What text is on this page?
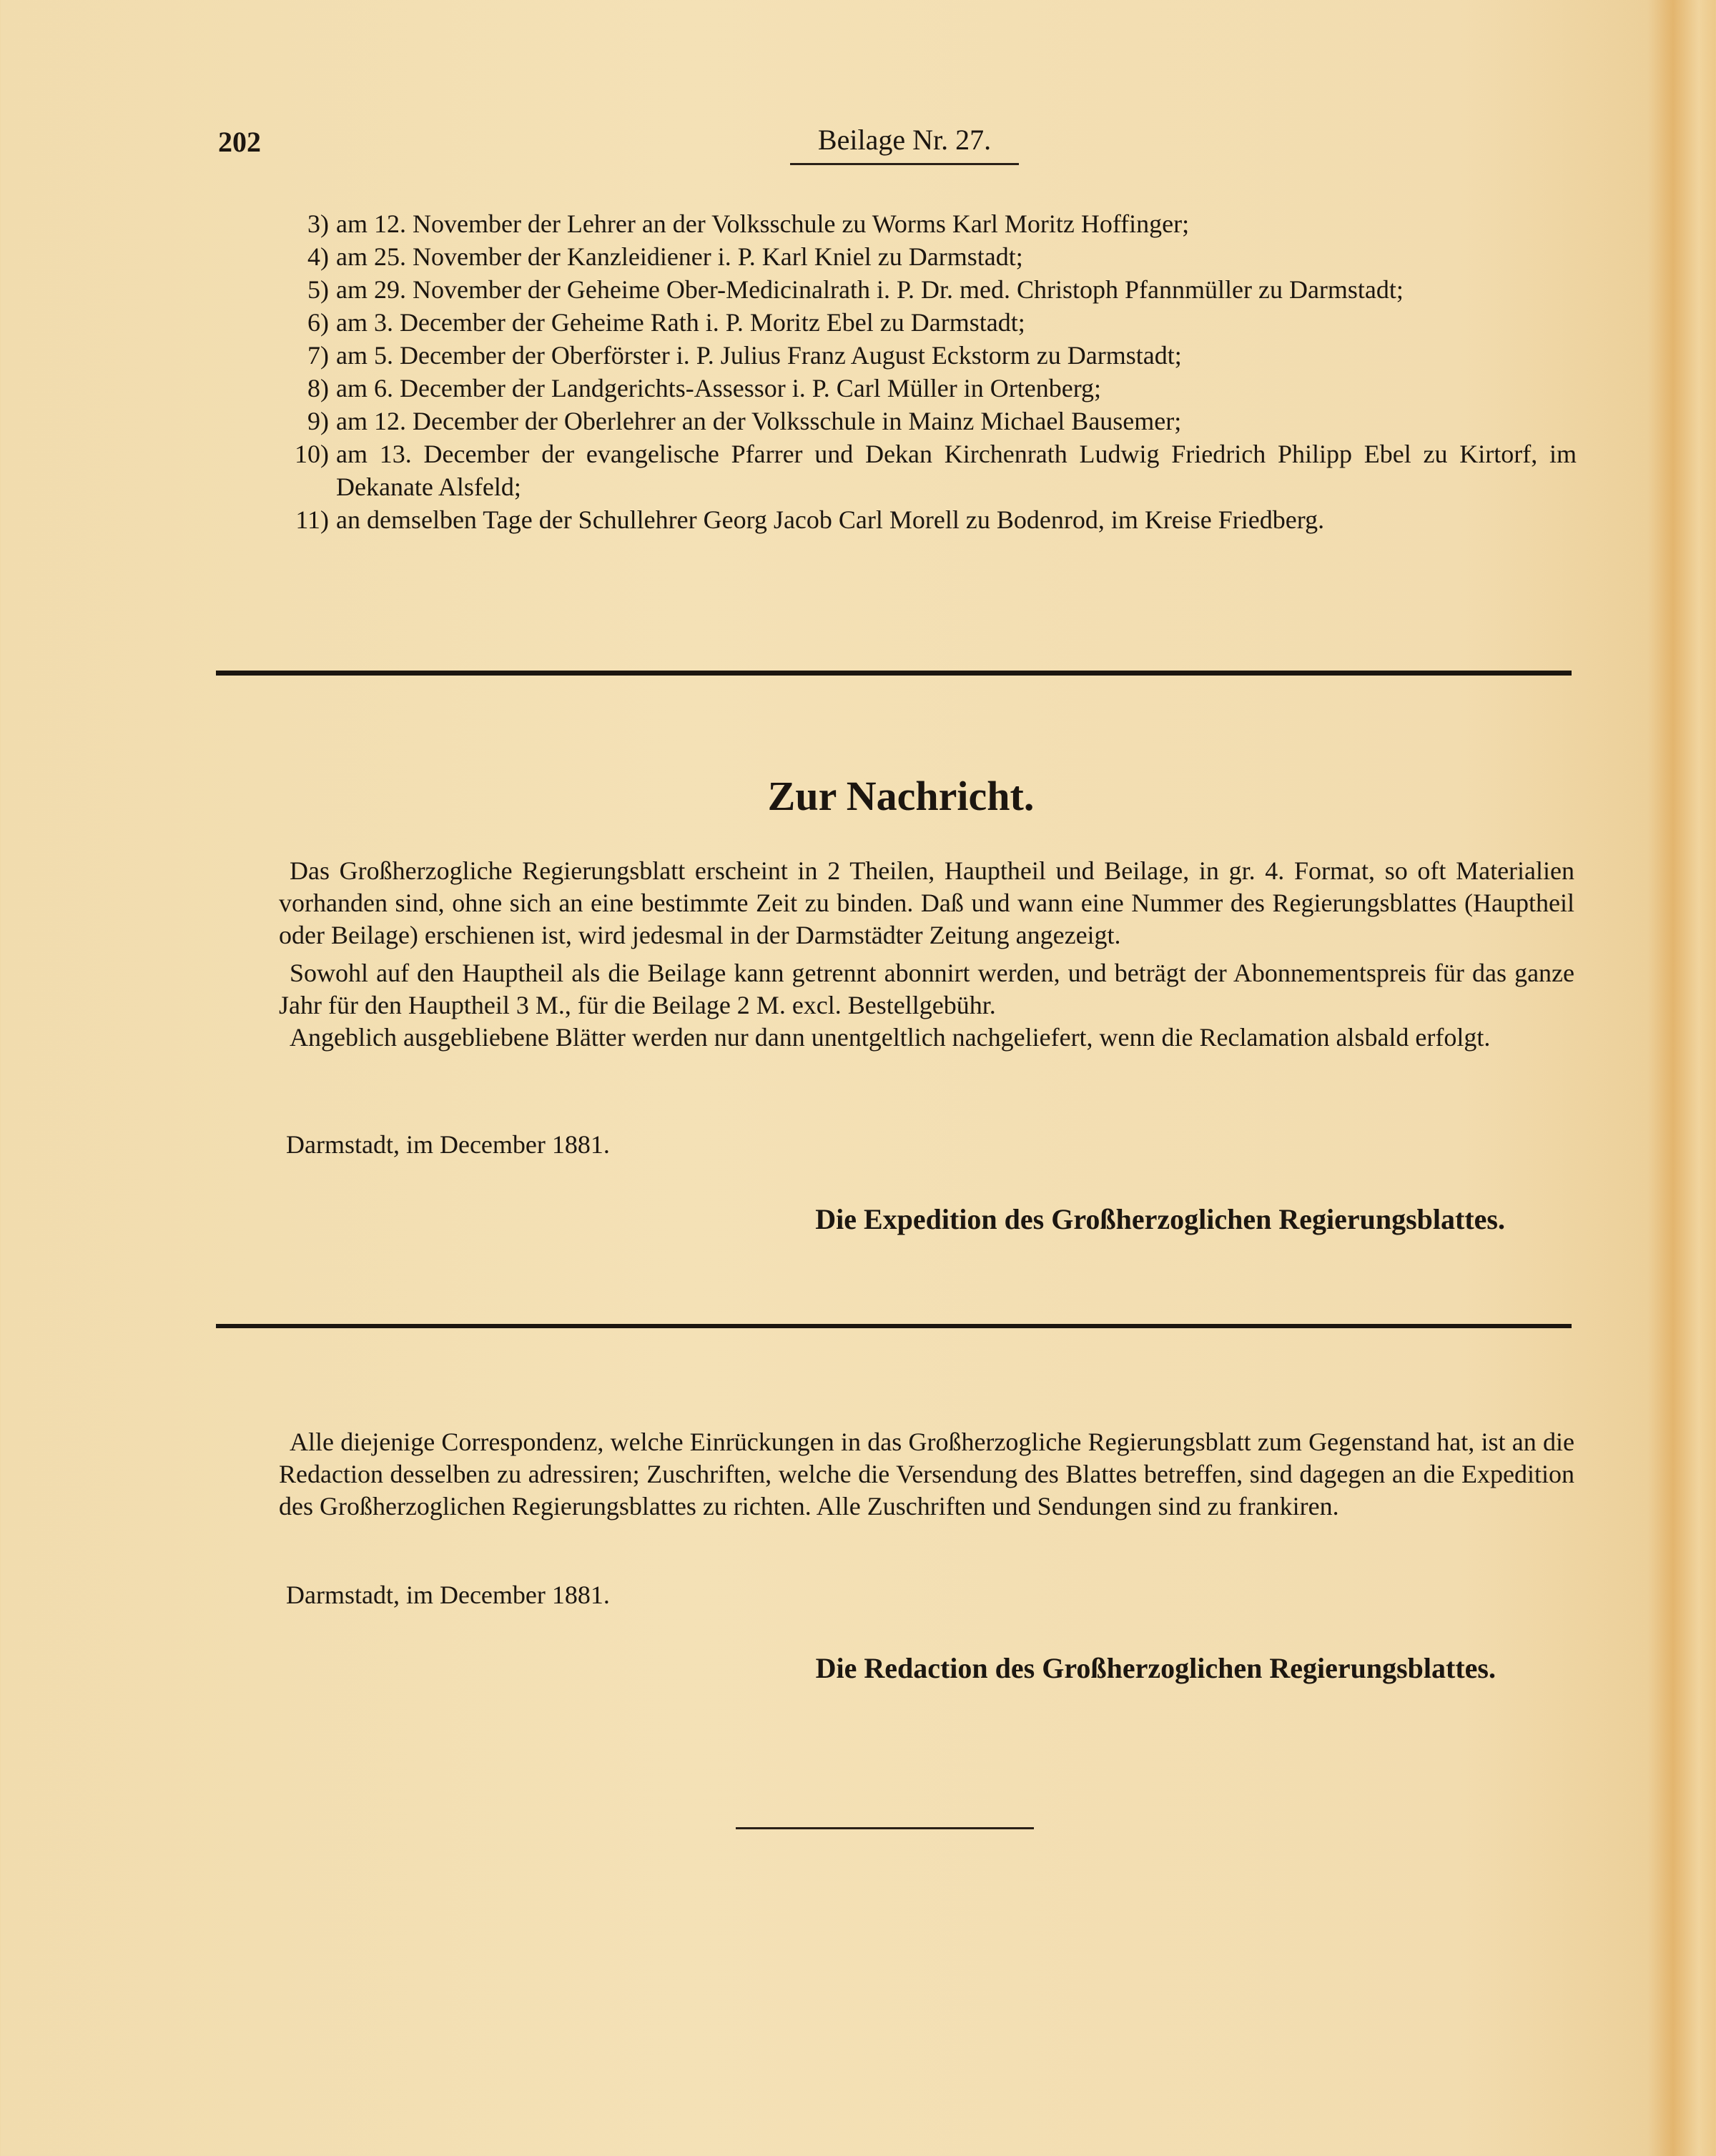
202	Beilage Nr. 27.
3) am 12. November der Lehrer an der Volksschule zu Worms Karl Moritz Hoffinger;
4) am 25. November der Kanzleidiener i. P. Karl Kniel zu Darmstadt;
5) am 29. November der Geheime Ober-Medicinalrath i. P. Dr. med. Christoph Pfannmüller zu Darmstadt;
6) am 3. December der Geheime Rath i. P. Moritz Ebel zu Darmstadt;
7) am 5. December der Oberförster i. P. Julius Franz August Eckstorm zu Darmstadt;
8) am 6. December der Landgerichts-Assessor i. P. Carl Müller in Ortenberg;
9) am 12. December der Oberlehrer an der Volksschule in Mainz Michael Bausemer;
10) am 13. December der evangelische Pfarrer und Dekan Kirchenrath Ludwig Friedrich Philipp Ebel zu Kirtorf, im Dekanate Alsfeld;
11) an demselben Tage der Schullehrer Georg Jacob Carl Morell zu Bodenrod, im Kreise Friedberg.
Zur Nachricht.

Das Großherzogliche Regierungsblatt erscheint in 2 Theilen, Hauptheil und Beilage, in gr. 4. Format, so oft Materialien vorhanden sind, ohne sich an eine bestimmte Zeit zu binden. Daß und wann eine Nummer des Regierungsblattes (Hauptheil oder Beilage) erschienen ist, wird jedesmal in der Darmstädter Zeitung angezeigt.

Sowohl auf den Hauptheil als die Beilage kann getrennt abonnirt werden, und beträgt der Abonnementspreis für das ganze Jahr für den Hauptheil 3 M., für die Beilage 2 M. excl. Bestellgebühr.

Angeblich ausgebliebene Blätter werden nur dann unentgeltlich nachgeliefert, wenn die Reclamation alsbald erfolgt.

Darmstadt, im December 1881.
Die Expedition des Großherzoglichen Regierungsblattes.

Alle diejenige Correspondenz, welche Einrückungen in das Großherzogliche Regierungsblatt zum Gegenstand hat, ist an die Redaction desselben zu adressiren; Zuschriften, welche die Versendung des Blattes betreffen, sind dagegen an die Expedition des Großherzoglichen Regierungsblattes zu richten. Alle Zuschriften und Sendungen sind zu frankiren.

Darmstadt, im December 1881.
Die Redaction des Großherzoglichen Regierungsblattes.
